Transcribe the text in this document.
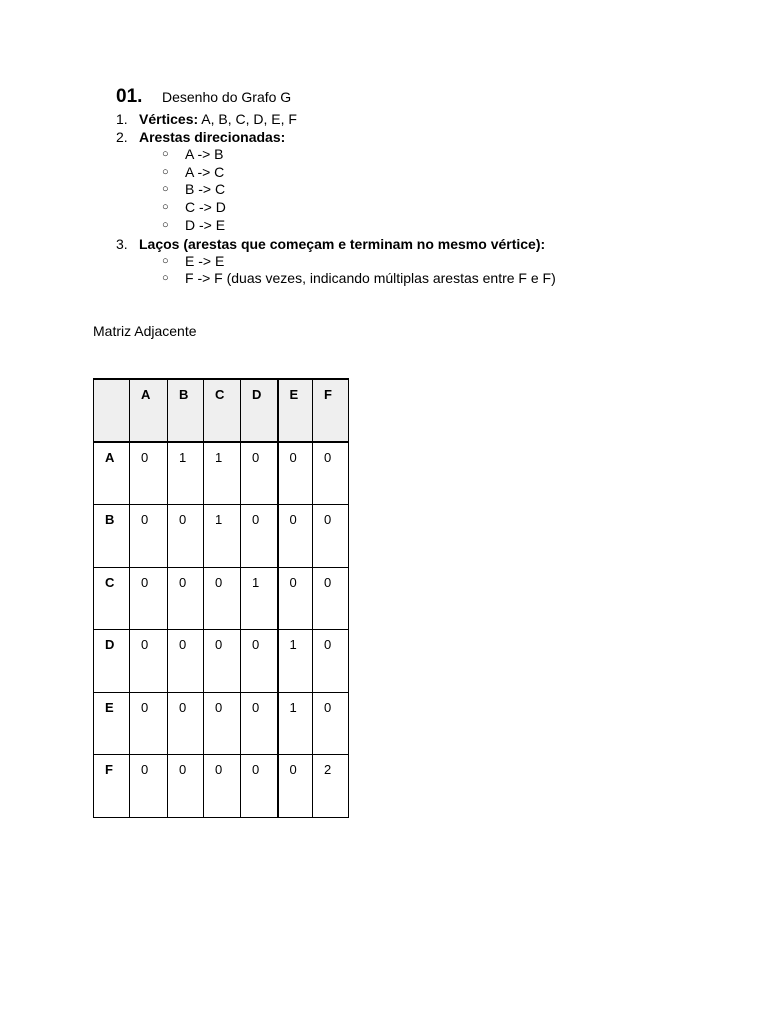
01.	Desenho do Grafo G
1. Vértices: A, B, C, D, E, F
2. Arestas direcionadas:
○ A -> B
○ A -> C
○ B -> C
○ C -> D
○ D -> E
3. Laços (arestas que começam e terminam no mesmo vértice):
○ E -> E
○ F -> F (duas vezes, indicando múltiplas arestas entre F e F)
Matriz Adjacente
	A	B	C	D	E	F
A	0	1	1	0	0	0
B	0	0	1	0	0	0
C	0	0	0	1	0	0
D	0	0	0	0	1	0
E	0	0	0	0	1	0
F	0	0	0	0	0	2
